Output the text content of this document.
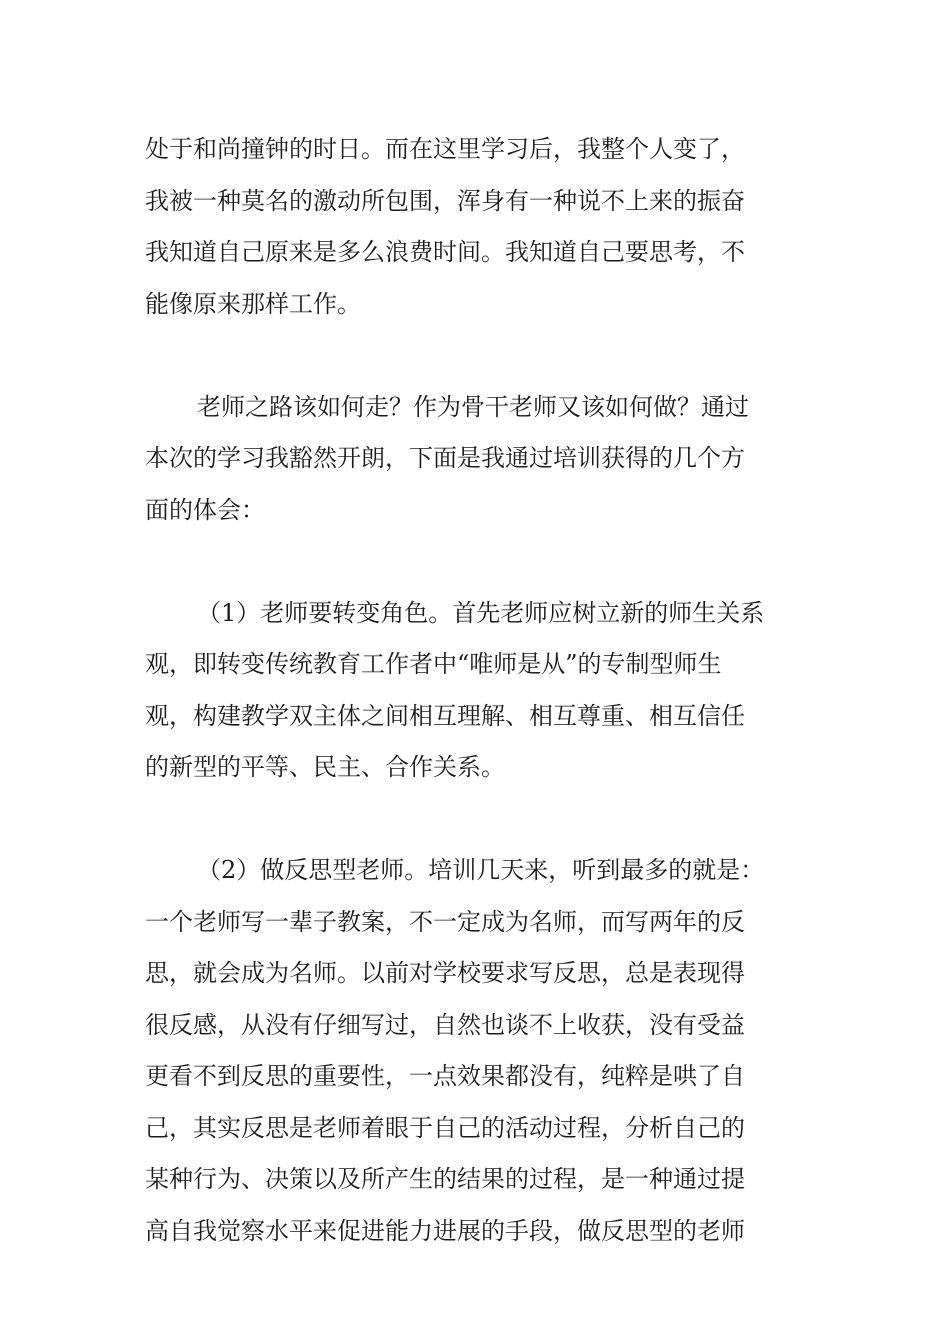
处于和尚撞钟的时日。而在这里学习后，我整个人变了，
我被一种莫名的激动所包围，浑身有一种说不上来的振奋
我知道自己原来是多么浪费时间。我知道自己要思考，不
能像原来那样工作。
老师之路该如何走？作为骨干老师又该如何做？通过
本次的学习我豁然开朗，下面是我通过培训获得的几个方
面的体会：
（1）老师要转变角色。首先老师应树立新的师生关系
观，即转变传统教育工作者中“唯师是从”的专制型师生
观，构建教学双主体之间相互理解、相互尊重、相互信任
的新型的平等、民主、合作关系。
（2）做反思型老师。培训几天来，听到最多的就是：
一个老师写一辈子教案，不一定成为名师，而写两年的反
思，就会成为名师。以前对学校要求写反思，总是表现得
很反感，从没有仔细写过，自然也谈不上收获，没有受益
更看不到反思的重要性，一点效果都没有，纯粹是哄了自
己，其实反思是老师着眼于自己的活动过程，分析自己的
某种行为、决策以及所产生的结果的过程，是一种通过提
高自我觉察水平来促进能力进展的手段，做反思型的老师
